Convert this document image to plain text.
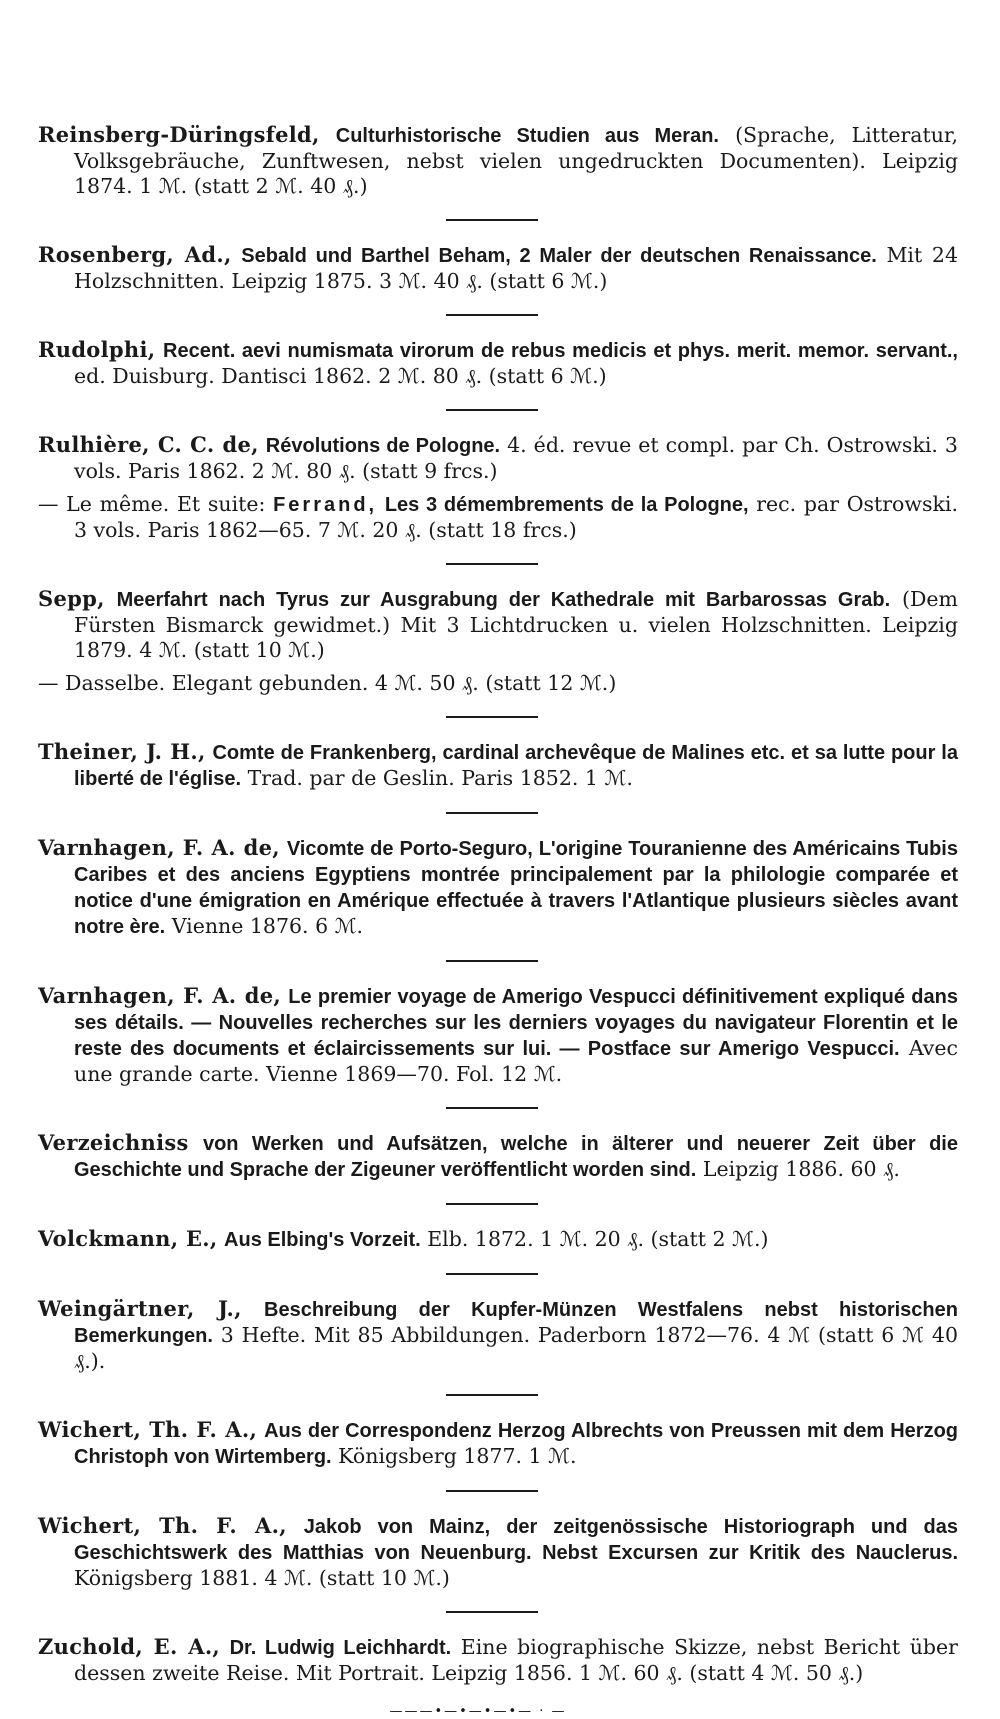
Reinsberg-Düringsfeld, Culturhistorische Studien aus Meran. (Sprache, Litteratur, Volksgebräuche, Zunftwesen, nebst vielen ungedruckten Documenten). Leipzig 1874. 1 ℳ. (statt 2 ℳ. 40 ₰.)

Rosenberg, Ad., Sebald und Barthel Beham, 2 Maler der deutschen Renaissance. Mit 24 Holzschnitten. Leipzig 1875. 3 ℳ. 40 ₰. (statt 6 ℳ.)

Rudolphi, Recent. aevi numismata virorum de rebus medicis et phys. merit. memor. servant., ed. Duisburg. Dantisci 1862. 2 ℳ. 80 ₰. (statt 6 ℳ.)

Rulhière, C. C. de, Révolutions de Pologne. 4. éd. revue et compl. par Ch. Ostrowski. 3 vols. Paris 1862. 2 ℳ. 80 ₰. (statt 9 frcs.)

— Le même. Et suite: Ferrand, Les 3 démembrements de la Pologne, rec. par Ostrowski. 3 vols. Paris 1862—65. 7 ℳ. 20 ₰. (statt 18 frcs.)

Sepp, Meerfahrt nach Tyrus zur Ausgrabung der Kathedrale mit Barbarossas Grab. (Dem Fürsten Bismarck gewidmet.) Mit 3 Lichtdrucken u. vielen Holzschnitten. Leipzig 1879. 4 ℳ. (statt 10 ℳ.)

— Dasselbe. Elegant gebunden. 4 ℳ. 50 ₰. (statt 12 ℳ.)

Theiner, J. H., Comte de Frankenberg, cardinal archevêque de Malines etc. et sa lutte pour la liberté de l'église. Trad. par de Geslin. Paris 1852. 1 ℳ.

Varnhagen, F. A. de, Vicomte de Porto-Seguro, L'origine Touranienne des Américains Tubis Caribes et des anciens Egyptiens montrée principalement par la philologie comparée et notice d'une émigration en Amérique effectuée à travers l'Atlantique plusieurs siècles avant notre ère. Vienne 1876. 6 ℳ.

Varnhagen, F. A. de, Le premier voyage de Amerigo Vespucci définitivement expliqué dans ses détails. — Nouvelles recherches sur les derniers voyages du navigateur Florentin et le reste des documents et éclaircissements sur lui. — Postface sur Amerigo Vespucci. Avec une grande carte. Vienne 1869—70. Fol. 12 ℳ.

Verzeichniss von Werken und Aufsätzen, welche in älterer und neuerer Zeit über die Geschichte und Sprache der Zigeuner veröffentlicht worden sind. Leipzig 1886. 60 ₰.

Volckmann, E., Aus Elbing's Vorzeit. Elb. 1872. 1 ℳ. 20 ₰. (statt 2 ℳ.)

Weingärtner, J., Beschreibung der Kupfer-Münzen Westfalens nebst historischen Bemerkungen. 3 Hefte. Mit 85 Abbildungen. Paderborn 1872—76. 4 ℳ (statt 6 ℳ 40 ₰.).

Wichert, Th. F. A., Aus der Correspondenz Herzog Albrechts von Preussen mit dem Herzog Christoph von Wirtemberg. Königsberg 1877. 1 ℳ.

Wichert, Th. F. A., Jakob von Mainz, der zeitgenössische Historiograph und das Geschichtswerk des Matthias von Neuenburg. Nebst Excursen zur Kritik des Nauclerus. Königsberg 1881. 4 ℳ. (statt 10 ℳ.)

Zuchold, E. A., Dr. Ludwig Leichhardt. Eine biographische Skizze, nebst Bericht über dessen zweite Reise. Mit Portrait. Leipzig 1856. 1 ℳ. 60 ₰. (statt 4 ℳ. 50 ₰.)

———•—•—•—•— · —
